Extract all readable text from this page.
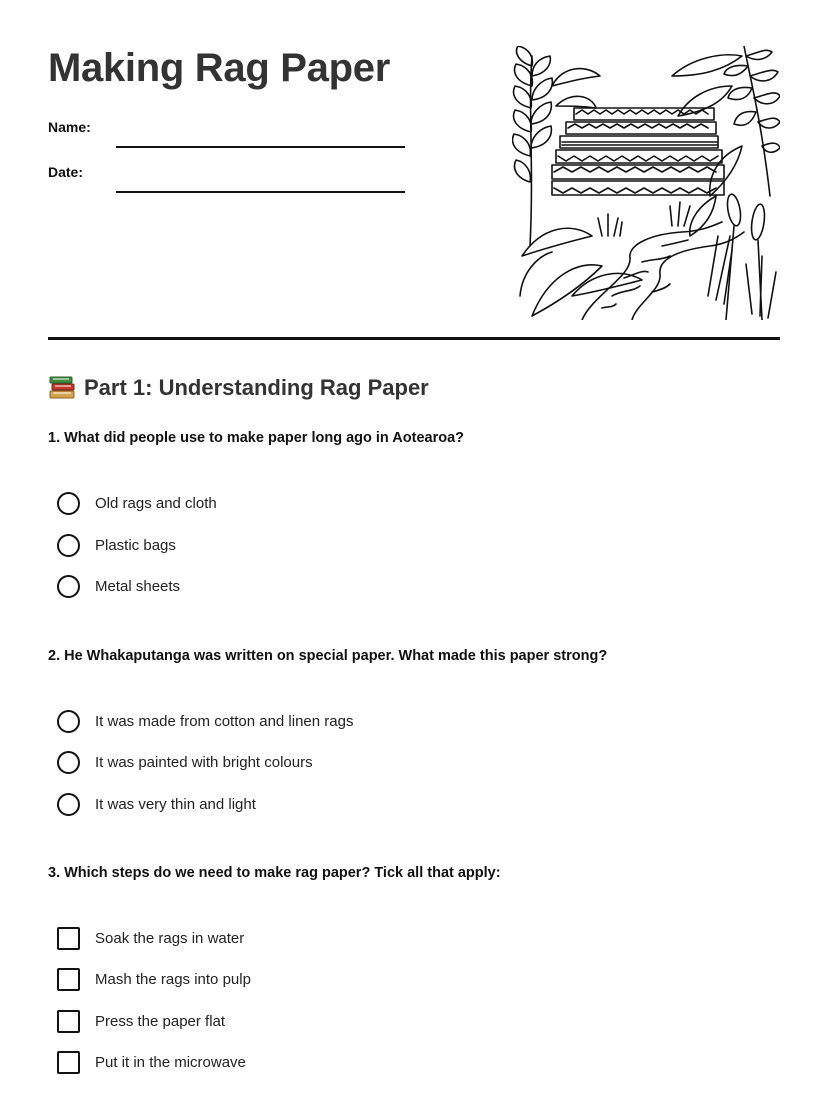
Making Rag Paper
Name:
Date:
Part 1: Understanding Rag Paper
1. What did people use to make paper long ago in Aotearoa?
Old rags and cloth
Plastic bags
Metal sheets
2. He Whakaputanga was written on special paper. What made this paper strong?
It was made from cotton and linen rags
It was painted with bright colours
It was very thin and light
3. Which steps do we need to make rag paper? Tick all that apply:
Soak the rags in water
Mash the rags into pulp
Press the paper flat
Put it in the microwave
